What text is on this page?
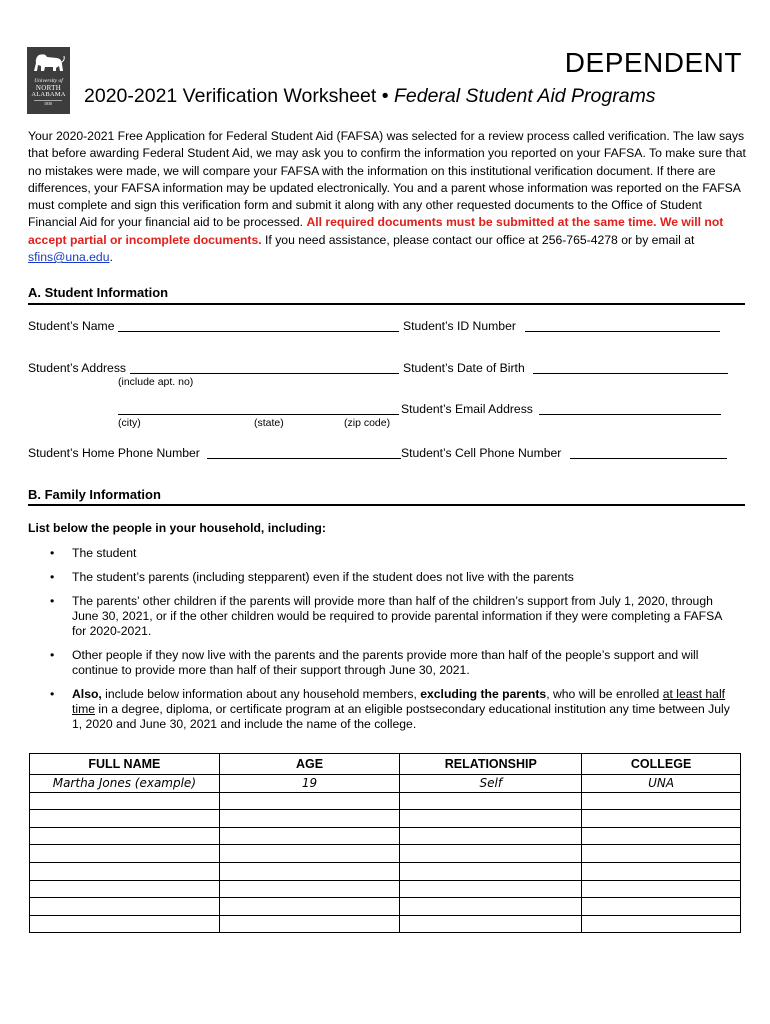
University of
NORTH
ALABAMA
1830
DEPENDENT
2020-2021 Verification Worksheet • Federal Student Aid Programs
Your 2020-2021 Free Application for Federal Student Aid (FAFSA) was selected for a review process called verification. The law says that before awarding Federal Student Aid, we may ask you to confirm the information you reported on your FAFSA. To make sure that no mistakes were made, we will compare your FAFSA with the information on this institutional verification document. If there are differences, your FAFSA information may be updated electronically. You and a parent whose information was reported on the FAFSA must complete and sign this verification form and submit it along with any other requested documents to the Office of Student Financial Aid for your financial aid to be processed. All required documents must be submitted at the same time. We will not accept partial or incomplete documents. If you need assistance, please contact our office at 256-765-4278 or by email at sfins@una.edu.
A. Student Information
Student’s Name	Student’s ID Number
Student’s Address	Student’s Date of Birth
(include apt. no)
Student’s Email Address
(city)	(state)	(zip code)
Student’s Home Phone Number	Student’s Cell Phone Number
B. Family Information
List below the people in your household, including:
• The student
• The student’s parents (including stepparent) even if the student does not live with the parents
• The parents’ other children if the parents will provide more than half of the children’s support from July 1, 2020, through June 30, 2021, or if the other children would be required to provide parental information if they were completing a FAFSA for 2020-2021.
• Other people if they now live with the parents and the parents provide more than half of the people’s support and will continue to provide more than half of their support through June 30, 2021.
• Also, include below information about any household members, excluding the parents, who will be enrolled at least half time in a degree, diploma, or certificate program at an eligible postsecondary educational institution any time between July 1, 2020 and June 30, 2021 and include the name of the college.
FULL NAME	AGE	RELATIONSHIP	COLLEGE
Martha Jones (example)	19	Self	UNA
